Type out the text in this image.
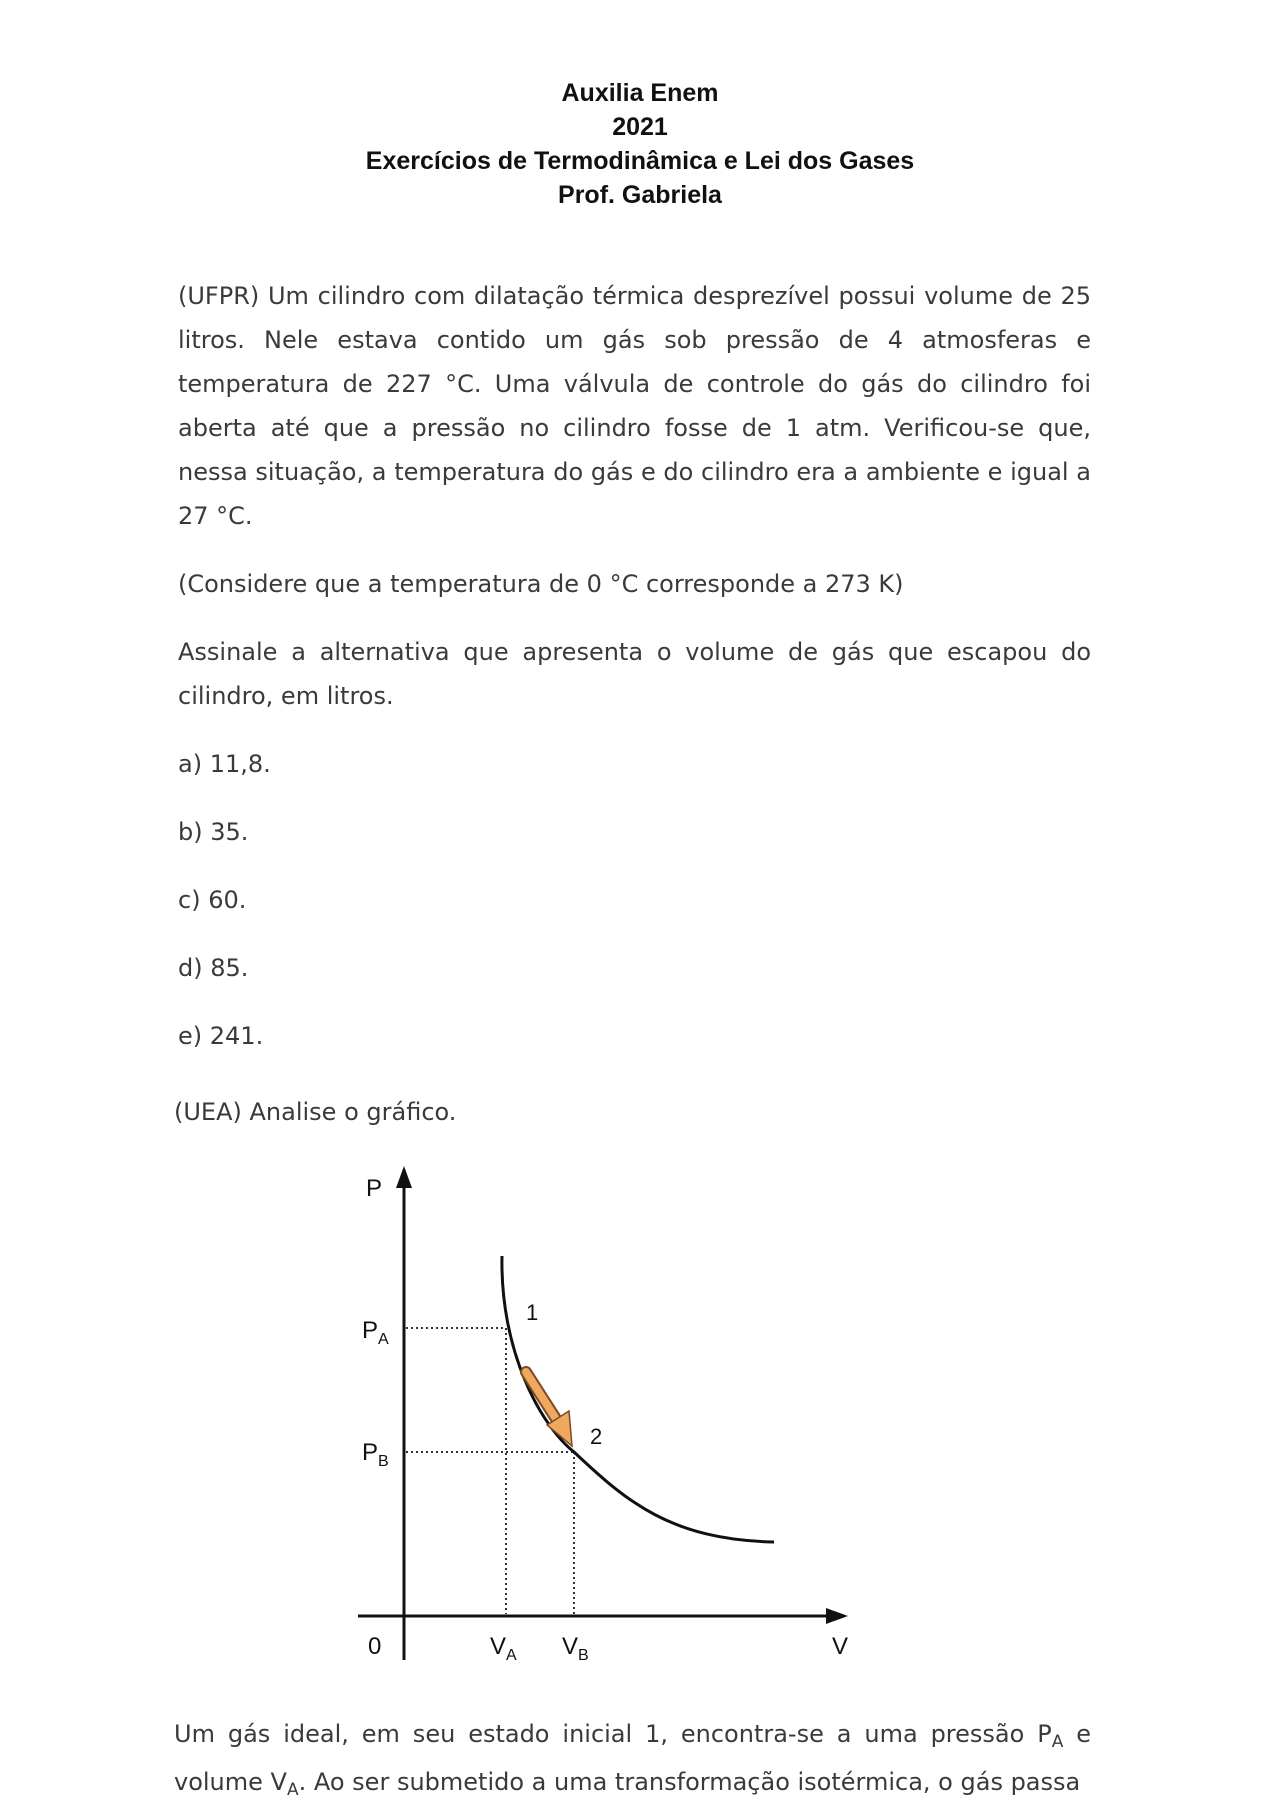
Auxilia Enem
2021
Exercícios de Termodinâmica e Lei dos Gases
Prof. Gabriela

(UFPR) Um cilindro com dilatação térmica desprezível possui volume de 25 litros. Nele estava contido um gás sob pressão de 4 atmosferas e temperatura de 227 °C. Uma válvula de controle do gás do cilindro foi aberta até que a pressão no cilindro fosse de 1 atm. Verificou-se que, nessa situação, a temperatura do gás e do cilindro era a ambiente e igual a 27 °C.

(Considere que a temperatura de 0 °C corresponde a 273 K)

Assinale a alternativa que apresenta o volume de gás que escapou do cilindro, em litros.

a) 11,8.
b) 35.
c) 60.
d) 85.
e) 241.

(UEA) Analise o gráfico.

P
V
0
$P_A$
$P_B$
$V_A$ $V_B$
1
2

Um gás ideal, em seu estado inicial 1, encontra-se a uma pressão $P_A$ e volume $V_A$. Ao ser submetido a uma transformação isotérmica, o gás passa
